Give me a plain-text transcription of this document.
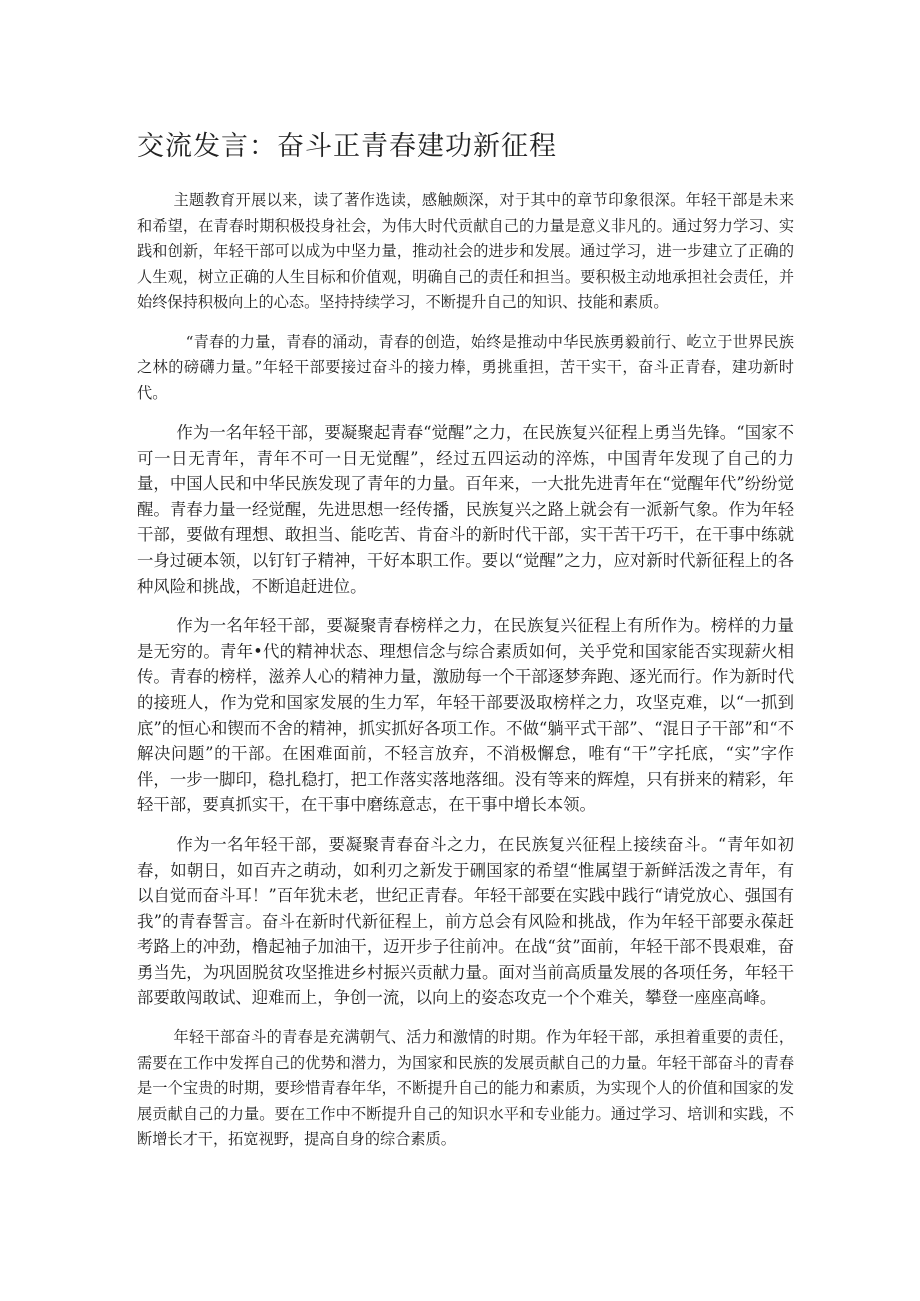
交流发言：奋斗正青春建功新征程

主题教育开展以来，读了著作选读，感触颇深，对于其中的章节印象很深。年轻干部是未来和希望，在青春时期积极投身社会，为伟大时代贡献自己的力量是意义非凡的。通过努力学习、实践和创新，年轻干部可以成为中坚力量，推动社会的进步和发展。通过学习，进一步建立了正确的人生观，树立正确的人生目标和价值观，明确自己的责任和担当。要积极主动地承担社会责任，并始终保持积极向上的心态。坚持持续学习，不断提升自己的知识、技能和素质。

“青春的力量，青春的涌动，青春的创造，始终是推动中华民族勇毅前行、屹立于世界民族之林的磅礴力量。”年轻干部要接过奋斗的接力棒，勇挑重担，苦干实干，奋斗正青春，建功新时代。

作为一名年轻干部，要凝聚起青春“觉醒”之力，在民族复兴征程上勇当先锋。“国家不可一日无青年，青年不可一日无觉醒”，经过五四运动的淬炼，中国青年发现了自己的力量，中国人民和中华民族发现了青年的力量。百年来，一大批先进青年在“觉醒年代”纷纷觉醒。青春力量一经觉醒，先进思想一经传播，民族复兴之路上就会有一派新气象。作为年轻干部，要做有理想、敢担当、能吃苦、肯奋斗的新时代干部，实干苦干巧干，在干事中练就一身过硬本领，以钉钉子精神，干好本职工作。要以“觉醒”之力，应对新时代新征程上的各种风险和挑战，不断追赶进位。

作为一名年轻干部，要凝聚青春榜样之力，在民族复兴征程上有所作为。榜样的力量是无穷的。青年•代的精神状态、理想信念与综合素质如何，关乎党和国家能否实现薪火相传。青春的榜样，滋养人心的精神力量，激励每一个干部逐梦奔跑、逐光而行。作为新时代的接班人，作为党和国家发展的生力军，年轻干部要汲取榜样之力，攻坚克难，以“一抓到底”的恒心和锲而不舍的精神，抓实抓好各项工作。不做“躺平式干部”、“混日子干部”和“不解决问题”的干部。在困难面前，不轻言放弃，不消极懈怠，唯有“干”字托底，“实”字作伴，一步一脚印，稳扎稳打，把工作落实落地落细。没有等来的辉煌，只有拼来的精彩，年轻干部，要真抓实干，在干事中磨练意志，在干事中增长本领。

作为一名年轻干部，要凝聚青春奋斗之力，在民族复兴征程上接续奋斗。“青年如初春，如朝日，如百卉之萌动，如利刃之新发于硎国家的希望“惟属望于新鲜活泼之青年，有以自觉而奋斗耳！”百年犹未老，世纪正青春。年轻干部要在实践中践行“请党放心、强国有我”的青春誓言。奋斗在新时代新征程上，前方总会有风险和挑战，作为年轻干部要永葆赶考路上的冲劲，橹起袖子加油干，迈开步子往前冲。在战“贫”面前，年轻干部不畏艰难，奋勇当先，为巩固脱贫攻坚推进乡村振兴贡献力量。面对当前高质量发展的各项任务，年轻干部要敢闯敢试、迎难而上，争创一流，以向上的姿态攻克一个个难关，攀登一座座高峰。

年轻干部奋斗的青春是充满朝气、活力和激情的时期。作为年轻干部，承担着重要的责任，需要在工作中发挥自己的优势和潜力，为国家和民族的发展贡献自己的力量。年轻干部奋斗的青春是一个宝贵的时期，要珍惜青春年华，不断提升自己的能力和素质，为实现个人的价值和国家的发展贡献自己的力量。要在工作中不断提升自己的知识水平和专业能力。通过学习、培训和实践，不断增长才干，拓宽视野，提高自身的综合素质。
